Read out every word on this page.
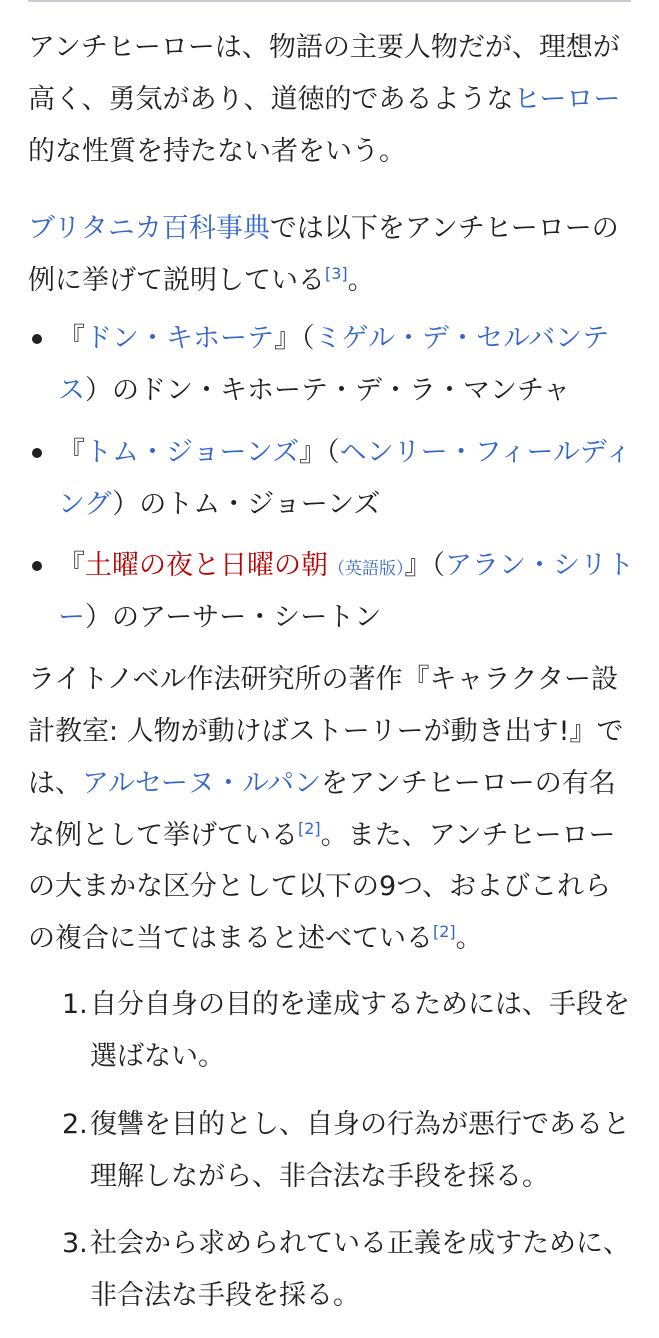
アンチヒーローは、物語の主要人物だが、理想が高く、勇気があり、道徳的であるようなヒーロー的な性質を持たない者をいう。

ブリタニカ百科事典では以下をアンチヒーローの例に挙げて説明している[3]。

『ドン・キホーテ』（ミゲル・デ・セルバンテス）のドン・キホーテ・デ・ラ・マンチャ
『トム・ジョーンズ』（ヘンリー・フィールディング）のトム・ジョーンズ
『土曜の夜と日曜の朝（英語版）』（アラン・シリトー）のアーサー・シートン

ライトノベル作法研究所の著作『キャラクター設計教室: 人物が動けばストーリーが動き出す!』では、アルセーヌ・ルパンをアンチヒーローの有名な例として挙げている[2]。また、アンチヒーローの大まかな区分として以下の9つ、およびこれらの複合に当てはまると述べている[2]。

1. 自分自身の目的を達成するためには、手段を選ばない。
2. 復讐を目的とし、自身の行為が悪行であると理解しながら、非合法な手段を採る。
3. 社会から求められている正義を成すために、非合法な手段を採る。
